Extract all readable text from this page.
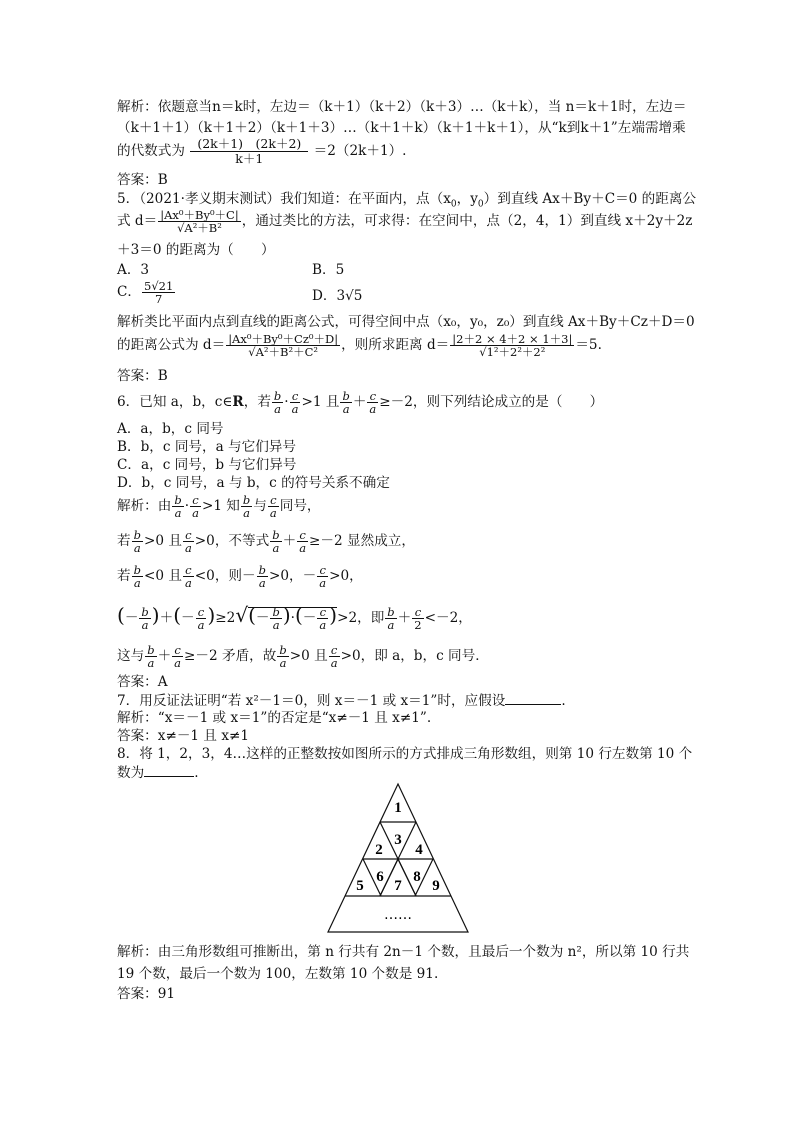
解析：依题意当n＝k时，左边＝（k＋1）（k＋2）（k＋3）…（k＋k），当 n＝k＋1时，左边＝
（k＋1＋1）（k＋1＋2）（k＋1＋3）…（k＋1＋k）（k＋1＋k＋1），从“k到k＋1”左端需增乘
的代数式为 $\frac{(2k+1) (2k+2)}{k+1} =2(2k+1)$.
答案：B
5．（2021·孝义期末测试）我们知道：在平面内，点（$x_0$，$y_0$）到直线 Ax＋By＋C＝0 的距离公
式 $d= \frac{\text{|Ax⁰＋By⁰＋C|}}{\text{√A²＋B²}}$ ，通过类比的方法，可求得：在空间中，点（2，4，1）到直线 x＋2y＋2z
＋3＝0 的距离为（　　）
A．3	B．5
C． $\frac{5√21}{7}$	D．3√5
解析类比平面内点到直线的距离公式，可得空间中点（x₀，y₀，z₀）到直线 Ax＋By＋Cz＋D＝0
的距离公式为 $d= \frac{\text{|Ax⁰＋By⁰＋Cz⁰＋D|}}{\text{√A²＋B²＋C²}}$ ，则所求距离 $d= \frac{|2+2 \times 4+2 \times 1+3|}{\text{√1²＋2²＋2²}} =5$.
答案：B
6．已知 a，b，c∈R，若 $\frac{b}{a} \cdot \frac{c}{a} >1$ 且 $\frac{b}{a} + \frac{c}{a} \ge-2$，则下列结论成立的是（　　）
A．a，b，c 同号
B．b，c 同号，a 与它们异号
C．a，c 同号，b 与它们异号
D．b，c 同号，a 与 b，c 的符号关系不确定
解析：由 $\frac{b}{a} \cdot \frac{c}{a} >1$ 知 $\frac{b}{a}$ 与 $\frac{c}{a}$ 同号，
若 $\frac{b}{a} >0$ 且 $\frac{c}{a} >0$，不等式 $\frac{b}{a} + \frac{c}{a} \ge-2$ 显然成立，
若 $\frac{b}{a} <0$ 且 $\frac{c}{a} <0$，则－ $\frac{b}{a} >0$，－ $\frac{c}{a} >0$，
(－ $\frac{b}{a}$ )＋(－ $\frac{c}{a} )\ge 2√(- \frac{b}{a}$ )·(－ $\frac{c}{a} )>2$，即 $\frac{b}{a} + \frac{c}{2} <-2$，
这与 $\frac{b}{a} + \frac{c}{a} \ge-2$ 矛盾，故 $\frac{b}{a} >0$ 且 $\frac{c}{a} >0$，即 a，b，c 同号．
答案：A
7．用反证法证明“若 x²－1＝0，则 x＝－1 或 x＝1”时，应假设	.
解析：“x＝－1 或 x＝1”的否定是“x≠－1 且 x≠1”.
答案：x≠－1 且 x≠1
8．将 1，2，3，4…这样的正整数按如图所示的方式排成三角形数组，则第 10 行左数第 10 个
数为	.
1
2
3
4
5
6
7
8
9
……
解析：由三角形数组可推断出，第 n 行共有 2n－1 个数，且最后一个数为 n²，所以第 10 行共
19 个数，最后一个数为 100，左数第 10 个数是 91.
答案：91
